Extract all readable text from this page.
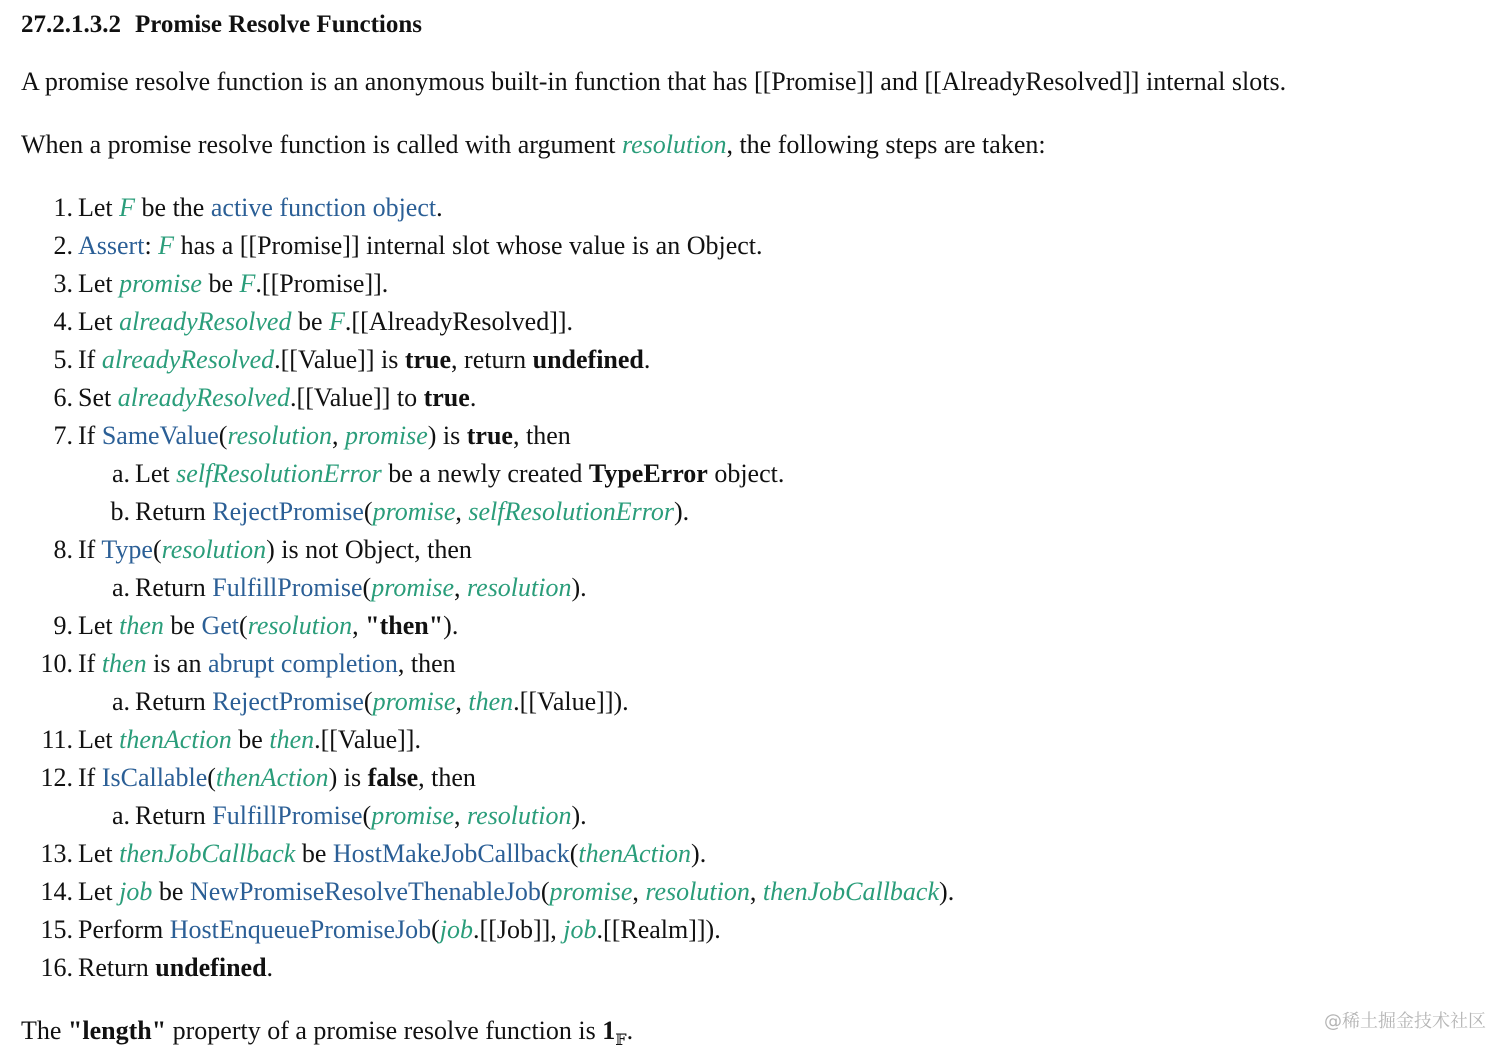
27.2.1.3.2 Promise Resolve Functions
A promise resolve function is an anonymous built-in function that has [[Promise]] and [[AlreadyResolved]] internal slots.
When a promise resolve function is called with argument resolution, the following steps are taken:
1. Let F be the active function object.
2. Assert: F has a [[Promise]] internal slot whose value is an Object.
3. Let promise be F.[[Promise]].
4. Let alreadyResolved be F.[[AlreadyResolved]].
5. If alreadyResolved.[[Value]] is true, return undefined.
6. Set alreadyResolved.[[Value]] to true.
7. If SameValue(resolution, promise) is true, then
a. Let selfResolutionError be a newly created TypeError object.
b. Return RejectPromise(promise, selfResolutionError).
8. If Type(resolution) is not Object, then
a. Return FulfillPromise(promise, resolution).
9. Let then be Get(resolution, "then").
10. If then is an abrupt completion, then
a. Return RejectPromise(promise, then.[[Value]]).
11. Let thenAction be then.[[Value]].
12. If IsCallable(thenAction) is false, then
a. Return FulfillPromise(promise, resolution).
13. Let thenJobCallback be HostMakeJobCallback(thenAction).
14. Let job be NewPromiseResolveThenableJob(promise, resolution, thenJobCallback).
15. Perform HostEnqueuePromiseJob(job.[[Job]], job.[[Realm]]).
16. Return undefined.
The "length" property of a promise resolve function is $1_𝔽$.	@稀土掘金技术社区
